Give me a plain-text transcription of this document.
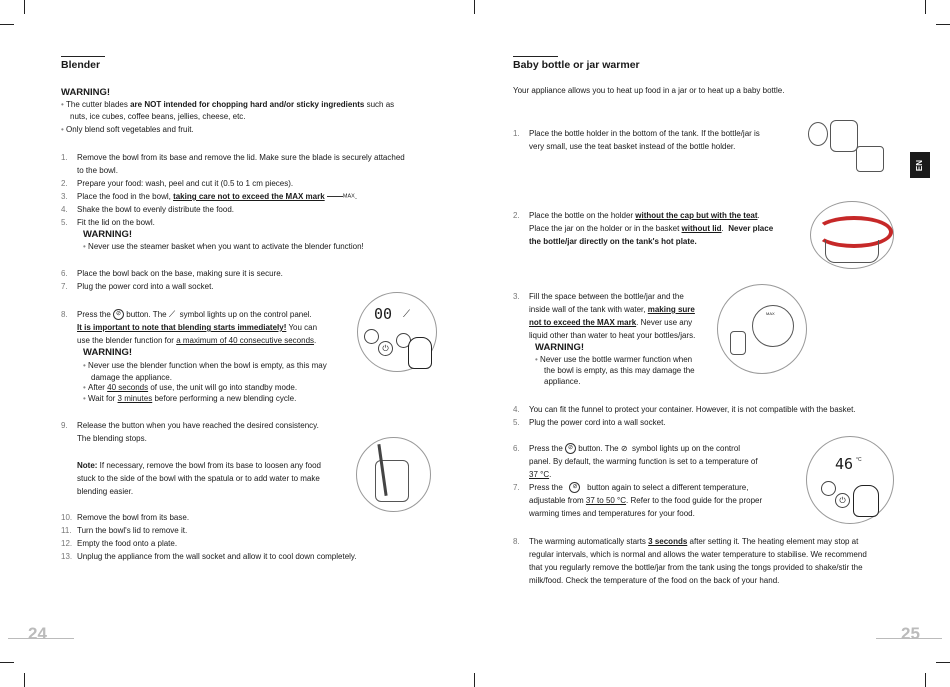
Blender
WARNING!
• The cutter blades are NOT intended for chopping hard and/or sticky ingredients such as
nuts, ice cubes, coffee beans, jellies, cheese, etc.
• Only blend soft vegetables and fruit.
1. Remove the bowl from its base and remove the lid. Make sure the blade is securely attached
to the bowl.
2. Prepare your food: wash, peel and cut it (0.5 to 1 cm pieces).
3. Place the food in the bowl, taking care not to exceed the MAX mark	MAX.
4. Shake the bowl to evenly distribute the food.
5. Fit the lid on the bowl.
WARNING!
• Never use the steamer basket when you want to activate the blender function!
6. Place the bowl back on the base, making sure it is secure.
7. Plug the power cord into a wall socket.
8. Press the ⊘ button. The ⟋ symbol lights up on the control panel.
It is important to note that blending starts immediately! You can
use the blender function for a maximum of 40 consecutive seconds.
WARNING!
• Never use the blender function when the bowl is empty, as this may
damage the appliance.
• After 40 seconds of use, the unit will go into standby mode.
• Wait for 3 minutes before performing a new blending cycle.
9. Release the button when you have reached the desired consistency.
The blending stops.
Note: If necessary, remove the bowl from its base to loosen any food
stuck to the side of the bowl with the spatula or to add water to make
blending easier.
10. Remove the bowl from its base.
11. Turn the bowl's lid to remove it.
12. Empty the food onto a plate.
13. Unplug the appliance from the wall socket and allow it to cool down completely.
00 ⟋
⏻
24
Baby bottle or jar warmer
Your appliance allows you to heat up food in a jar or to heat up a baby bottle.
1. Place the bottle holder in the bottom of the tank. If the bottle/jar is
very small, use the teat basket instead of the bottle holder.
2. Place the bottle on the holder without the cap but with the teat.
Place the jar on the holder or in the basket without lid.  Never place
the bottle/jar directly on the tank's hot plate.
3. Fill the space between the bottle/jar and the
inside wall of the tank with water, making sure
not to exceed the MAX mark. Never use any
liquid other than water to heat your bottles/jars.
WARNING!
• Never use the bottle warmer function when
the bowl is empty, as this may damage the
appliance.
4. You can fit the funnel to protect your container. However, it is not compatible with the basket.
5. Plug the power cord into a wall socket.
6. Press the ⊘ button. The ⊘ symbol lights up on the control
panel. By default, the warming function is set to a temperature of
37 °C.
7. Press the ⊘ button again to select a different temperature,
adjustable from 37 to 50 °C. Refer to the food guide for the proper
warming times and temperatures for your food.
8. The warming automatically starts 3 seconds after setting it. The heating element may stop at
regular intervals, which is normal and allows the water temperature to stabilise. We recommend
that you regularly remove the bottle/jar from the tank using the tongs provided to shake/stir the
milk/food. Check the temperature of the food on the back of your hand.
MAX
46 °C
⏻
EN
25
